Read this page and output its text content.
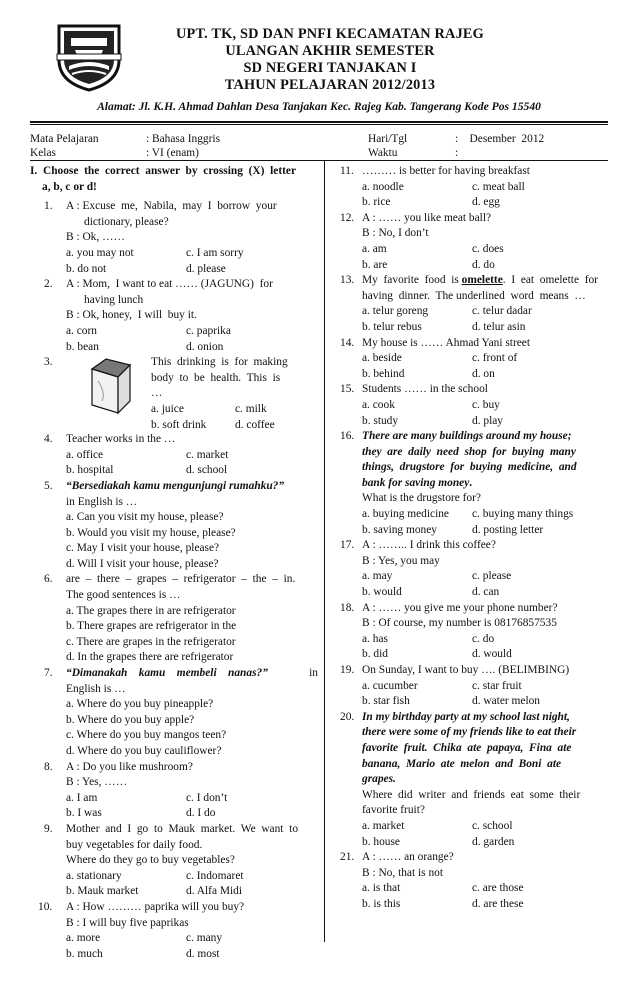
UPT. TK, SD DAN PNFI KECAMATAN RAJEG
ULANGAN AKHIR SEMESTER
SD NEGERI TANJAKAN I
TAHUN PELAJARAN 2012/2013
Alamat: Jl. K.H. Ahmad Dahlan Desa Tanjakan Kec. Rajeg Kab. Tangerang Kode Pos 15540
Mata Pelajaran	: Bahasa Inggris
Kelas	: VI (enam)
Hari/Tgl	:    Desember  2012
Waktu	:
I.  Choose  the  correct  answer  by  crossing  (X)  letter
a, b, c or d!
1. A : Excuse  me,  Nabila,  may  I  borrow  your
dictionary, please?
B : Ok, ……
a. you may not	c. I am sorry
b. do not	d. please
2. A : Mom,  I want to eat …… (JAGUNG)  for
having lunch
B : Ok, honey,  I will  buy it.
a. corn	c. paprika
b. bean	d. onion
3.	This  drinking  is  for  making
body  to  be  health.  This  is
…
a. juice	c. milk
b. soft drink	d. coffee
4. Teacher works in the …
a. office	c. market
b. hospital	d. school
5. “Bersediakah kamu mengunjungi rumahku?”
in English is …
a. Can you visit my house, please?
b. Would you visit my house, please?
c. May I visit your house, please?
d. Will I visit your house, please?
6. are  –  there  –  grapes  –  refrigerator  –  the  –  in.
The good sentences is …
a. The grapes there in are refrigerator
b. There grapes are refrigerator in the
c. There are grapes in the refrigerator
d. In the grapes there are refrigerator
7. “Dimanakah    kamu    membeli    nanas?”	in
English is …
a. Where do you buy pineapple?
b. Where do you buy apple?
c. Where do you buy mangos teen?
d. Where do you buy cauliflower?
8. A : Do you like mushroom?
B : Yes, ……
a. I am	c. I don’t
b. I was	d. I do
9. Mother  and  I  go  to  Mauk  market.  We  want  to
buy vegetables for daily food.
Where do they go to buy vegetables?
a. stationary	c. Indomaret
b. Mauk market	d. Alfa Midi
10. A : How ……… paprika will you buy?
B : I will buy five paprikas
a. more	c. many
b. much	d. most
11. ……… is better for having breakfast
a. noodle	c. meat ball
b. rice	d. egg
12. A : …… you like meat ball?
B : No, I don’t
a. am	c. does
b. are	d. do
13. My  favorite  food  is omelette.  I  eat  omelette  for
having  dinner.  The underlined  word  means  …
a. telur goreng	c. telur dadar
b. telur rebus	d. telur asin
14. My house is …… Ahmad Yani street
a. beside	c. front of
b. behind	d. on
15. Students …… in the school
a. cook	c. buy
b. study	d. play
16. There are many buildings around my house;
they  are  daily  need  shop  for  buying  many
things,  drugstore  for  buying  medicine,  and
bank for saving money.
What is the drugstore for?
a. buying medicine	c. buying many things
b. saving money	d. posting letter
17. A : …….. I drink this coffee?
B : Yes, you may
a. may	c. please
b. would	d. can
18. A : …… you give me your phone number?
B : Of course, my number is 08176857535
a. has	c. do
b. did	d. would
19. On Sunday, I want to buy …. (BELIMBING)
a. cucumber	c. star fruit
b. star fish	d. water melon
20. In my birthday party at my school last night,
there were some of my friends like to eat their
favorite  fruit.  Chika  ate  papaya,  Fina  ate
banana,  Mario  ate  melon  and  Boni  ate
grapes.
Where  did  writer  and  friends  eat  some  their
favorite fruit?
a. market	c. school
b. house	d. garden
21. A : …… an orange?
B : No, that is not
a. is that	c. are those
b. is this	d. are these
